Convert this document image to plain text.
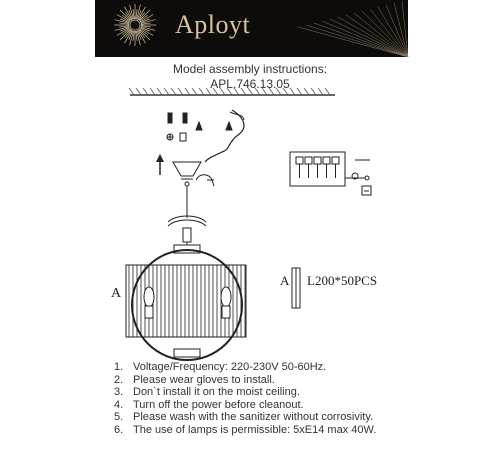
Aployt
Model assembly instructions:
APL.746.13.05
A
A L200*50PCS
1. Voltage/Frequency: 220-230V 50-60Hz.
2. Please wear gloves to install.
3. Don`t install it on the moist ceiling.
4. Turn off the power before cleanout.
5. Please wash with the sanitizer without corrosivity.
6. The use of lamps is permissible: 5xE14 max 40W.
